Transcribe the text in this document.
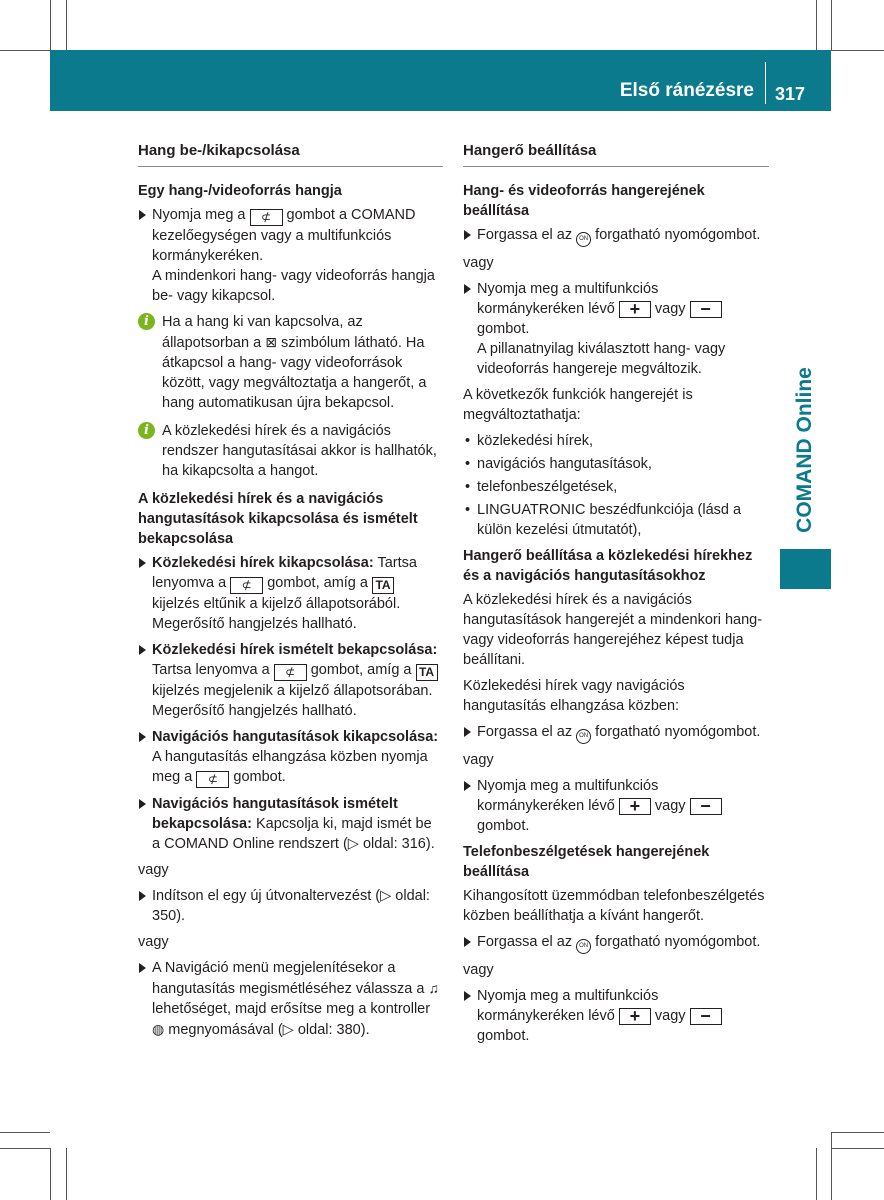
Első ránézésre 317
COMAND Online
Hang be-/kikapcsolása
Egy hang-/videoforrás hangja
Nyomja meg a ⊄ gombot a COMAND kezelőegységen vagy a multifunkciós kormánykeréken.
A mindenkori hang- vagy videoforrás hangja be- vagy kikapcsol.
i Ha a hang ki van kapcsolva, az állapotsorban a ⊠ szimbólum látható. Ha átkapcsol a hang- vagy videoforrások között, vagy megváltoztatja a hangerőt, a hang automatikusan újra bekapcsol.
i A közlekedési hírek és a navigációs rendszer hangutasításai akkor is hallhatók, ha kikapcsolta a hangot.
A közlekedési hírek és a navigációs hangutasítások kikapcsolása és ismételt bekapcsolása
Közlekedési hírek kikapcsolása: Tartsa lenyomva a ⊄ gombot, amíg a TA kijelzés eltűnik a kijelző állapotsorából.
Megerősítő hangjelzés hallható.
Közlekedési hírek ismételt bekapcsolása: Tartsa lenyomva a ⊄ gombot, amíg a TA kijelzés megjelenik a kijelző állapotsorában.
Megerősítő hangjelzés hallható.
Navigációs hangutasítások kikapcsolása: A hangutasítás elhangzása közben nyomja meg a ⊄ gombot.
Navigációs hangutasítások ismételt bekapcsolása: Kapcsolja ki, majd ismét be a COMAND Online rendszert (▷ oldal: 316).

vagy

Indítson el egy új útvonaltervezést (▷ oldal: 350).

vagy

A Navigáció menü megjelenítésekor a hangutasítás megismétléséhez válassza a ♫ lehetőséget, majd erősítse meg a kontroller ◍ megnyomásával (▷ oldal: 380).
Hangerő beállítása
Hang- és videoforrás hangerejének beállítása
Forgassa el az ON forgatható nyomógombot.

vagy

Nyomja meg a multifunkciós kormánykeréken lévő + vagy − gombot.
A pillanatnyilag kiválasztott hang- vagy videoforrás hangereje megváltozik.

A következők funkciók hangerejét is megváltoztathatja:

• közlekedési hírek,
• navigációs hangutasítások,
• telefonbeszélgetések,
• LINGUATRONIC beszédfunkciója (lásd a külön kezelési útmutatót),
Hangerő beállítása a közlekedési hírekhez és a navigációs hangutasításokhoz

A közlekedési hírek és a navigációs hangutasítások hangerejét a mindenkori hang- vagy videoforrás hangerejéhez képest tudja beállítani.

Közlekedési hírek vagy navigációs hangutasítás elhangzása közben:

Forgassa el az ON forgatható nyomógombot.

vagy

Nyomja meg a multifunkciós kormánykeréken lévő + vagy − gombot.
Telefonbeszélgetések hangerejének beállítása

Kihangosított üzemmódban telefonbeszélgetés közben beállíthatja a kívánt hangerőt.

Forgassa el az ON forgatható nyomógombot.

vagy

Nyomja meg a multifunkciós kormánykeréken lévő + vagy − gombot.
